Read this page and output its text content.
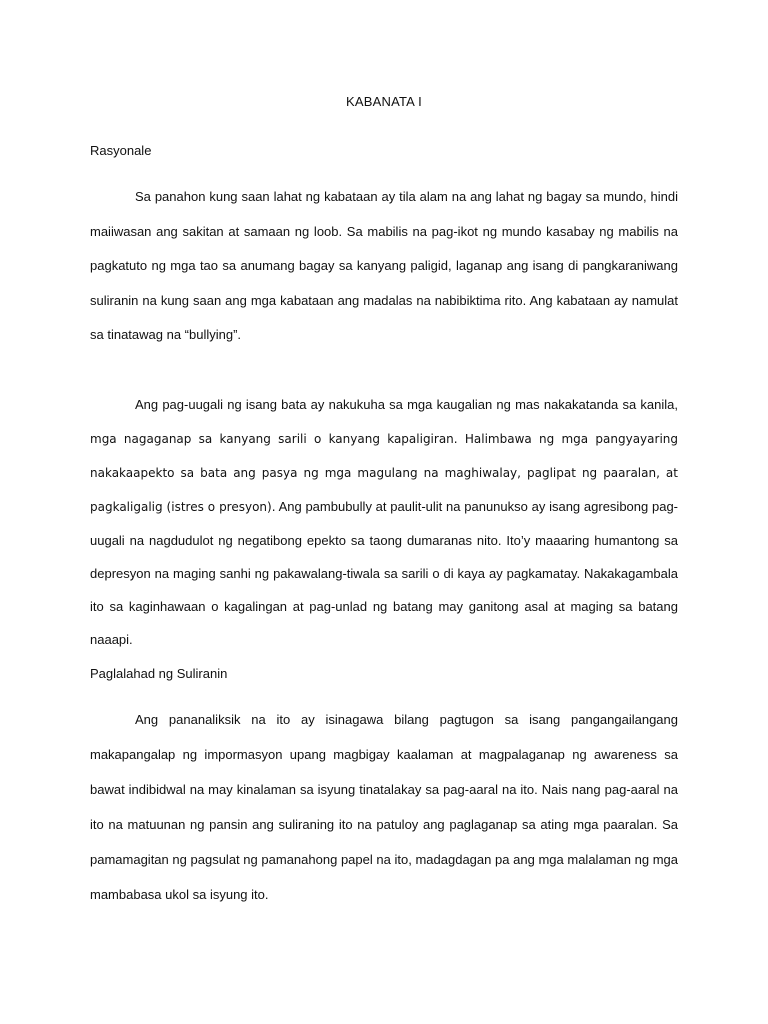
KABANATA I
Rasyonale

Sa panahon kung saan lahat ng kabataan ay tila alam na ang lahat ng bagay sa mundo, hindi maiiwasan ang sakitan at samaan ng loob. Sa mabilis na pag-ikot ng mundo kasabay ng mabilis na pagkatuto ng mga tao sa anumang bagay sa kanyang paligid, laganap ang isang di pangkaraniwang suliranin na kung saan ang mga kabataan ang madalas na nabibiktima rito. Ang kabataan ay namulat sa tinatawag na “bullying”.

Ang pag-uugali ng isang bata ay nakukuha sa mga kaugalian ng mas nakakatanda sa kanila, mga nagaganap sa kanyang sarili o kanyang kapaligiran. Halimbawa ng mga pangyayaring nakakaapekto sa bata ang pasya ng mga magulang na maghiwalay, paglipat ng paaralan, at pagkaligalig (istres o presyon). Ang pambubully at paulit-ulit na panunukso ay isang agresibong pag-uugali na nagdudulot ng negatibong epekto sa taong dumaranas nito. Ito’y maaaring humantong sa depresyon na maging sanhi ng pakawalang-tiwala sa sarili o di kaya ay pagkamatay. Nakakagambala ito sa kaginhawaan o kagalingan at pag-unlad ng batang may ganitong asal at maging sa batang naaapi.

Paglalahad ng Suliranin

Ang pananaliksik na ito ay isinagawa bilang pagtugon sa isang pangangailangang makapangalap ng impormasyon upang magbigay kaalaman at magpalaganap ng awareness sa bawat indibidwal na may kinalaman sa isyung tinatalakay sa pag-aaral na ito. Nais nang pag-aaral na ito na matuunan ng pansin ang suliraning ito na patuloy ang paglaganap sa ating mga paaralan. Sa pamamagitan ng pagsulat ng pamanahong papel na ito, madagdagan pa ang mga malalaman ng mga mambabasa ukol sa isyung ito.
